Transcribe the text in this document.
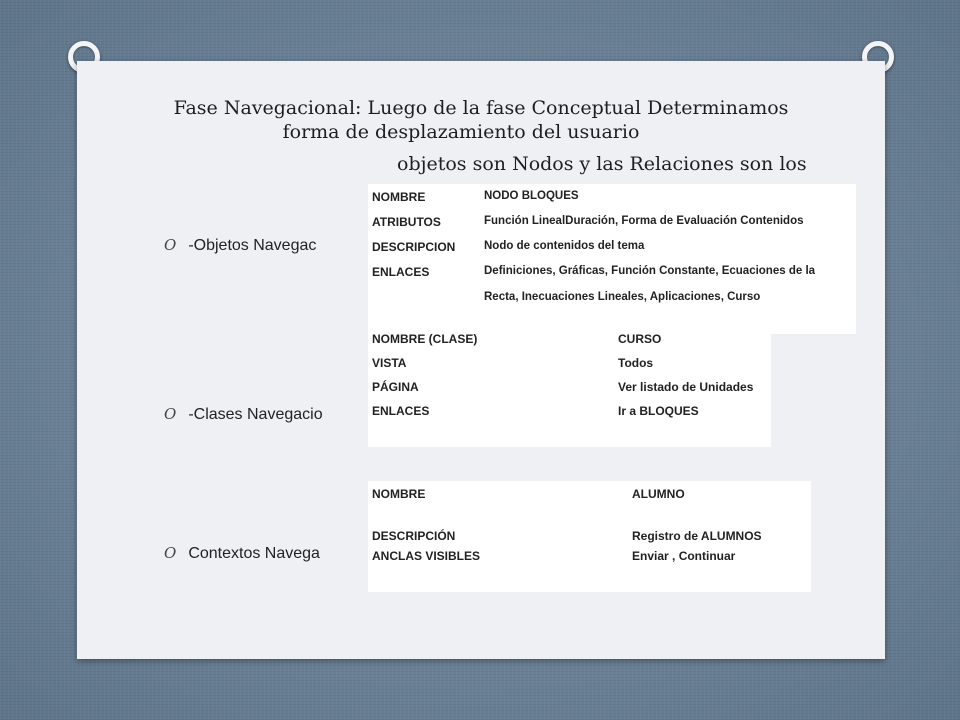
Fase Navegacional: Luego de la fase Conceptual Determinamos
forma de desplazamiento del usuario
objetos son Nodos y las Relaciones son los
O -Objetos Navegac
O -Clases Navegacio
O Contextos Navega
NOMBRE	NODO BLOQUES
ATRIBUTOS	Función LinealDuración, Forma de Evaluación Contenidos
DESCRIPCION Nodo de contenidos del tema
ENLACES	Definiciones, Gráficas, Función Constante, Ecuaciones de la
Recta, Inecuaciones Lineales, Aplicaciones, Curso
NOMBRE (CLASE)	CURSO
VISTA	Todos
PÁGINA	Ver listado de Unidades
ENLACES	Ir a BLOQUES
NOMBRE	ALUMNO
DESCRIPCIÓN	Registro de ALUMNOS
ANCLAS VISIBLES	Enviar , Continuar
